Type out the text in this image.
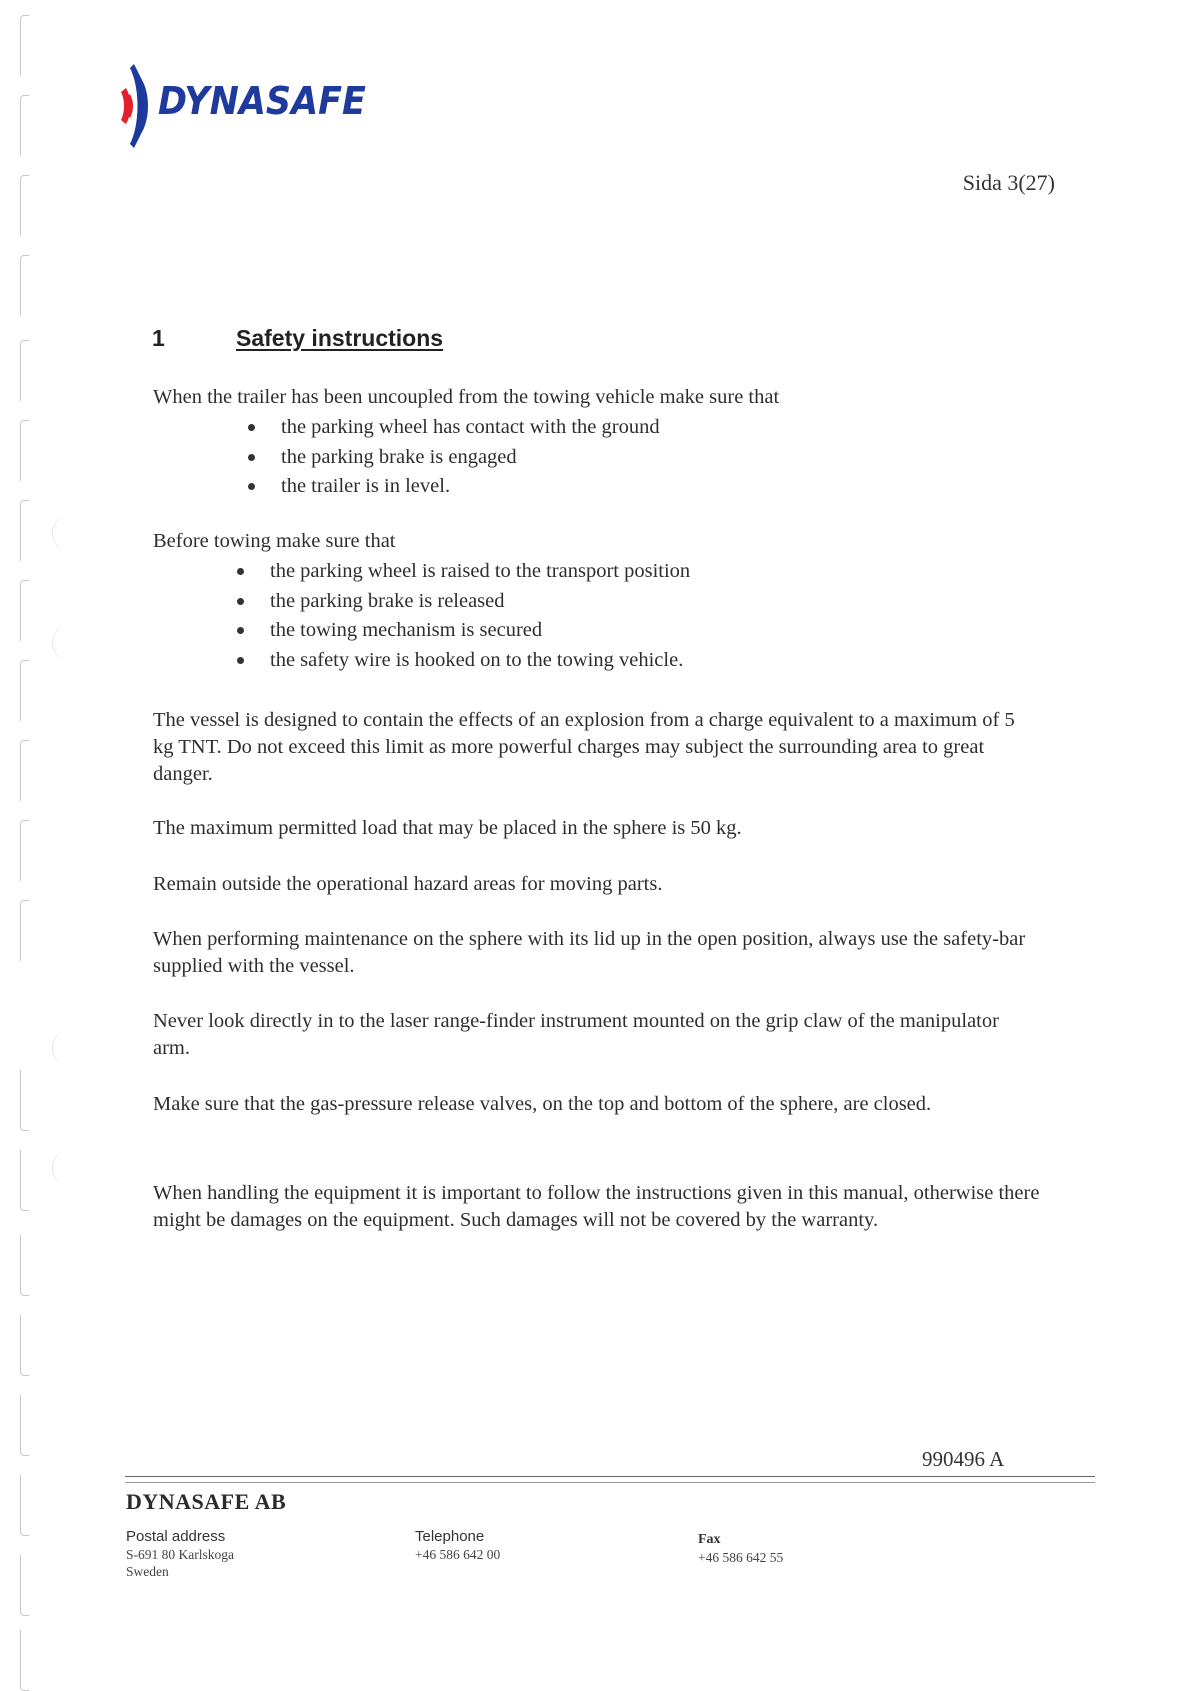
DYNASAFE
Sida 3(27)
1	Safety instructions
When the trailer has been uncoupled from the towing vehicle make sure that
the parking wheel has contact with the ground
the parking brake is engaged
the trailer is in level.
Before towing make sure that
the parking wheel is raised to the transport position
the parking brake is released
the towing mechanism is secured
the safety wire is hooked on to the towing vehicle.
The vessel is designed to contain the effects of an explosion from a charge equivalent to a maximum of 5 kg TNT. Do not exceed this limit as more powerful charges may subject the surrounding area to great danger.
The maximum permitted load that may be placed in the sphere is 50 kg.
Remain outside the operational hazard areas for moving parts.
When performing maintenance on the sphere with its lid up in the open position, always use the safety-bar supplied with the vessel.
Never look directly in to the laser range-finder instrument mounted on the grip claw of the manipulator arm.
Make sure that the gas-pressure release valves, on the top and bottom of the sphere, are closed.
When handling the equipment it is important to follow the instructions given in this manual, otherwise there might be damages on the equipment. Such damages will not be covered by the warranty.
990496 A
DYNASAFE AB
Postal address
S-691 80 Karlskoga
Sweden
Telephone
+46 586 642 00
Fax
+46 586 642 55
